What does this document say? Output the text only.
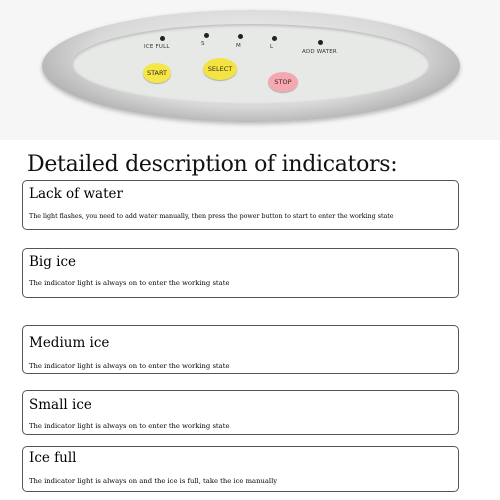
ICE FULL	S	M	L
ADD WATER
START	SELECT
STOP
Detailed description of indicators:
Lack of water
The light flashes, you need to add water manually, then press the power button to start to enter the working state
Big ice
The indicator light is always on to enter the working state
Medium ice
The indicator light is always on to enter the working state
Small ice
The indicator light is always on to enter the working state
Ice full
The indicator light is always on and the ice is full, take the ice manually
